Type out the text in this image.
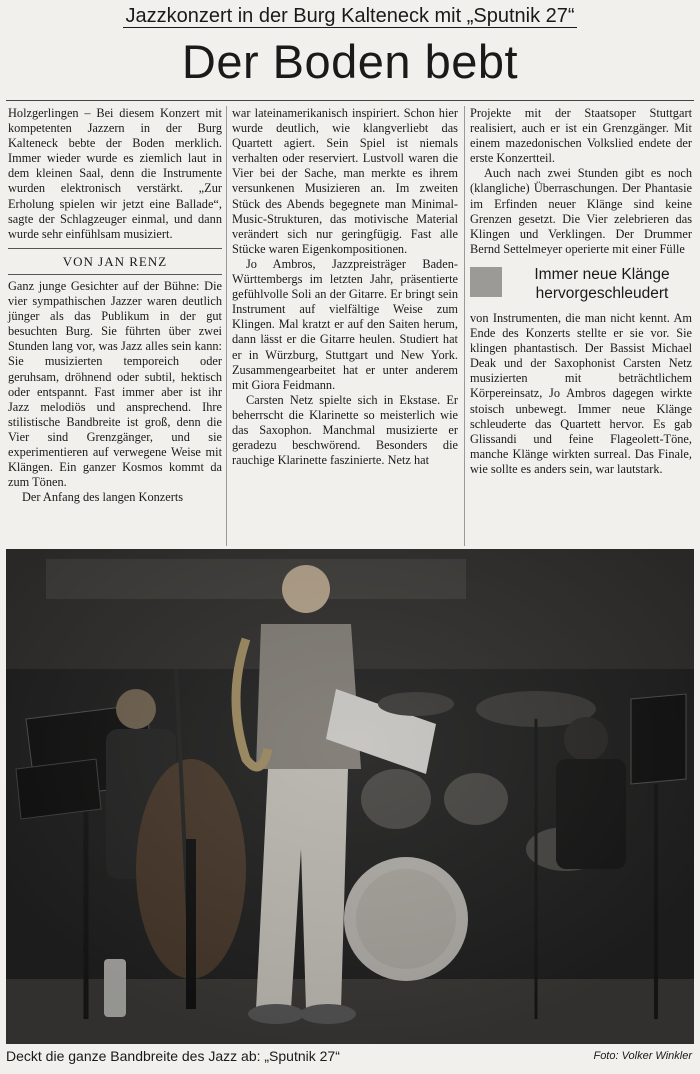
Jazzkonzert in der Burg Kalteneck mit „Sputnik 27“
Der Boden bebt

Holzgerlingen – Bei diesem Konzert mit kompetenten Jazzern in der Burg Kalteneck bebte der Boden merklich. Immer wieder wurde es ziemlich laut in dem kleinen Saal, denn die Instrumente wurden elektronisch verstärkt. „Zur Erholung spielen wir jetzt eine Ballade“, sagte der Schlagzeuger einmal, und dann wurde sehr einfühlsam musiziert.

VON JAN RENZ

Ganz junge Gesichter auf der Bühne: Die vier sympathischen Jazzer waren deutlich jünger als das Publikum in der gut besuchten Burg. Sie führten über zwei Stunden lang vor, was Jazz alles sein kann: Sie musizierten temporeich oder geruhsam, dröhnend oder subtil, hektisch oder entspannt. Fast immer aber ist ihr Jazz melodiös und ansprechend. Ihre stilistische Bandbreite ist groß, denn die Vier sind Grenzgänger, und sie experimentieren auf verwegene Weise mit Klängen. Ein ganzer Kosmos kommt da zum Tönen.

Der Anfang des langen Konzerts

war lateinamerikanisch inspiriert. Schon hier wurde deutlich, wie klangverliebt das Quartett agiert. Sein Spiel ist niemals verhalten oder reserviert. Lustvoll waren die Vier bei der Sache, man merkte es ihrem versunkenen Musizieren an. Im zweiten Stück des Abends begegnete man Minimal-Music-Strukturen, das motivische Material verändert sich nur geringfügig. Fast alle Stücke waren Eigenkompositionen.

Jo Ambros, Jazzpreisträger Baden-Württembergs im letzten Jahr, präsentierte gefühlvolle Soli an der Gitarre. Er bringt sein Instrument auf vielfältige Weise zum Klingen. Mal kratzt er auf den Saiten herum, dann lässt er die Gitarre heulen. Studiert hat er in Würzburg, Stuttgart und New York. Zusammengearbeitet hat er unter anderem mit Giora Feidmann.

Carsten Netz spielte sich in Ekstase. Er beherrscht die Klarinette so meisterlich wie das Saxophon. Manchmal musizierte er geradezu beschwörend. Besonders die rauchige Klarinette faszinierte. Netz hat

Projekte mit der Staatsoper Stuttgart realisiert, auch er ist ein Grenzgänger. Mit einem mazedonischen Volkslied endete der erste Konzertteil.

Auch nach zwei Stunden gibt es noch (klangliche) Überraschungen. Der Phantasie im Erfinden neuer Klänge sind keine Grenzen gesetzt. Die Vier zelebrieren das Klingen und Verklingen. Der Drummer Bernd Settelmeyer operierte mit einer Fülle

Immer neue Klänge hervorgeschleudert

von Instrumenten, die man nicht kennt. Am Ende des Konzerts stellte er sie vor. Sie klingen phantastisch. Der Bassist Michael Deak und der Saxophonist Carsten Netz musizierten mit beträchtlichem Körpereinsatz, Jo Ambros dagegen wirkte stoisch unbewegt. Immer neue Klänge schleuderte das Quartett hervor. Es gab Glissandi und feine Flageolett-Töne, manche Klänge wirkten surreal. Das Finale, wie sollte es anders sein, war lautstark.

Deckt die ganze Bandbreite des Jazz ab: „Sputnik 27“	Foto: Volker Winkler
